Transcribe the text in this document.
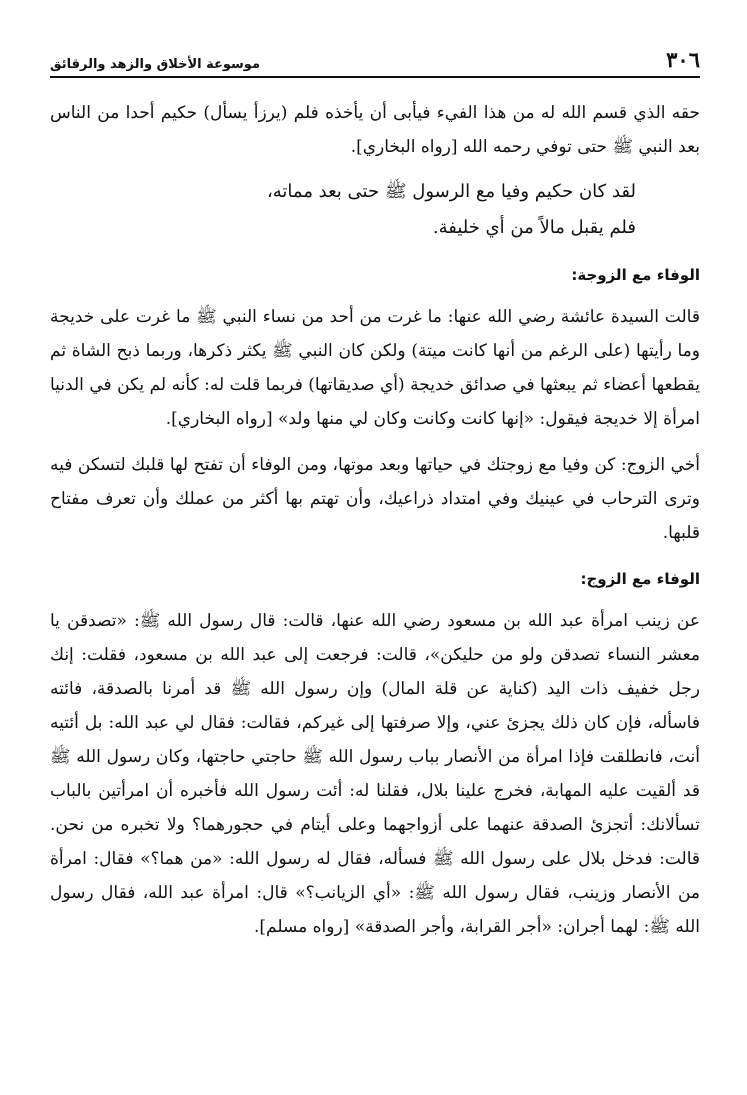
٣٠٦
موسوعة الأخلاق والزهد والرقائق

حقه الذي قسم الله له من هذا الفيء فيأبى أن يأخذه فلم (يرزأ يسأل) حكيم أحدا من الناس بعد النبي ﷺ حتى توفي رحمه الله [رواه البخاري].

لقد كان حكيم وفيا مع الرسول ﷺ حتى بعد مماته،
فلم يقبل مالاً من أي خليفة.
الوفاء مع الزوجة:

قالت السيدة عائشة رضي الله عنها: ما غرت من أحد من نساء النبي ﷺ ما غرت على خديجة وما رأيتها (على الرغم من أنها كانت ميتة) ولكن كان النبي ﷺ يكثر ذكرها، وربما ذبح الشاة ثم يقطعها أعضاء ثم يبعثها في صدائق خديجة (أي صديقاتها) فربما قلت له: كأنه لم يكن في الدنيا امرأة إلا خديجة فيقول: «إنها كانت وكانت وكان لي منها ولد» [رواه البخاري].

أخي الزوج: كن وفيا مع زوجتك في حياتها وبعد موتها، ومن الوفاء أن تفتح لها قلبك لتسكن فيه وترى الترحاب في عينيك وفي امتداد ذراعيك، وأن تهتم بها أكثر من عملك وأن تعرف مفتاح قلبها.

الوفاء مع الزوج:

عن زينب امرأة عبد الله بن مسعود رضي الله عنها، قالت: قال رسول الله ﷺ: «تصدقن يا معشر النساء تصدقن ولو من حليكن»، قالت: فرجعت إلى عبد الله بن مسعود، فقلت: إنك رجل خفيف ذات اليد (كناية عن قلة المال) وإن رسول الله ﷺ قد أمرنا بالصدقة، فائته فاسأله، فإن كان ذلك يجزئ عني، وإلا صرفتها إلى غيركم، فقالت: فقال لي عبد الله: بل أئتيه أنت، فانطلقت فإذا امرأة من الأنصار بباب رسول الله ﷺ حاجتي حاجتها، وكان رسول الله ﷺ قد ألقيت عليه المهابة، فخرج علينا بلال، فقلنا له: أئت رسول الله فأخبره أن امرأتين بالباب تسألانك: أتجزئ الصدقة عنهما على أزواجهما وعلى أيتام في حجورهما؟ ولا تخبره من نحن. قالت: فدخل بلال على رسول الله ﷺ فسأله، فقال له رسول الله: «من هما؟» فقال: امرأة من الأنصار وزينب، فقال رسول الله ﷺ: «أي الزيانب؟» قال: امرأة عبد الله، فقال رسول الله ﷺ: لهما أجران: «أجر القرابة، وأجر الصدقة» [رواه مسلم].
